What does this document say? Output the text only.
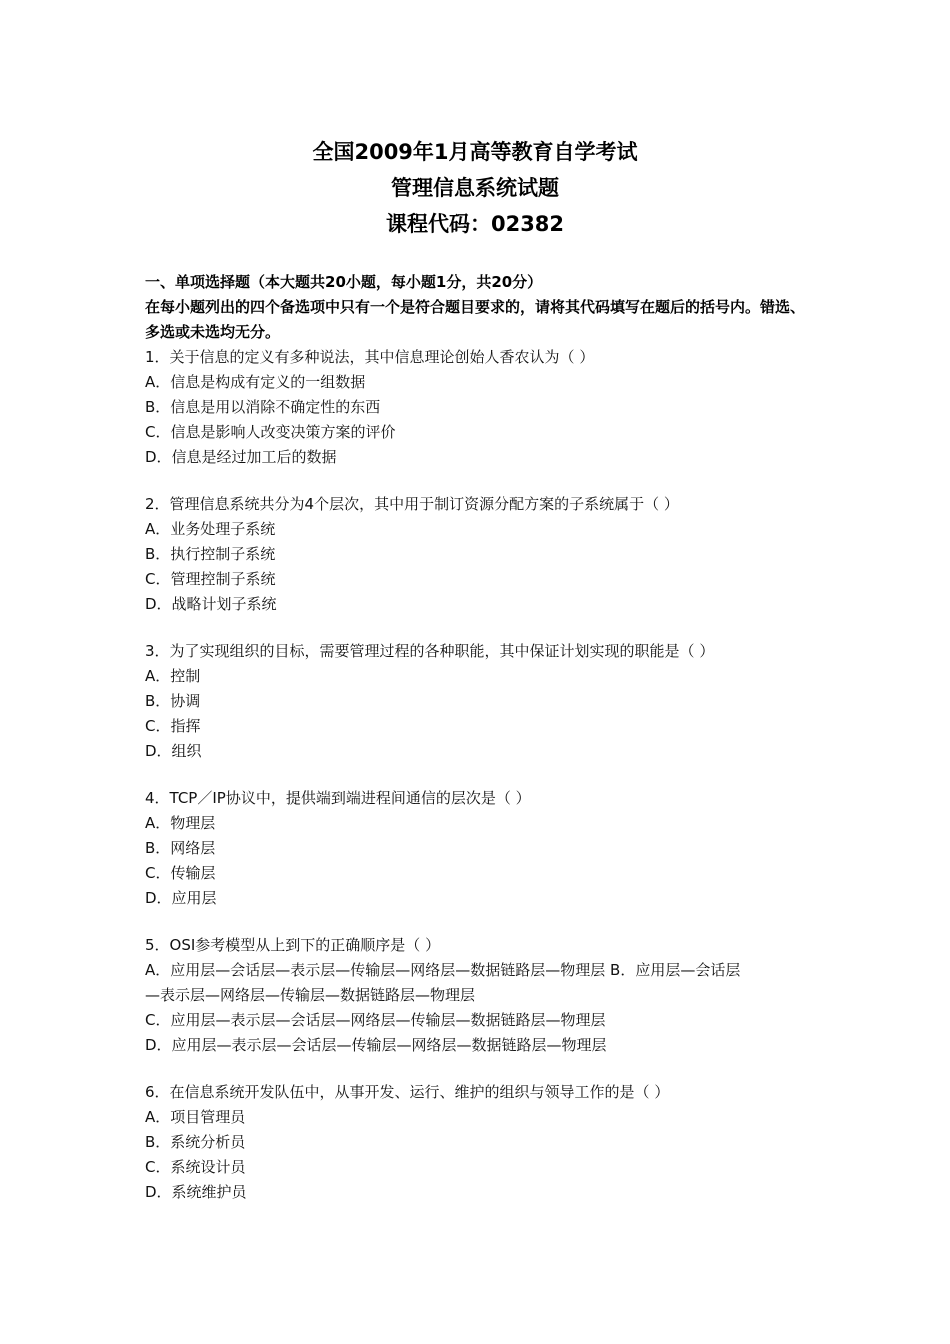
全国2009年1月高等教育自学考试
管理信息系统试题
课程代码：02382
一、单项选择题（本大题共20小题，每小题1分，共20分）
在每小题列出的四个备选项中只有一个是符合题目要求的，请将其代码填写在题后的括号内。错选、多选或未选均无分。
1．关于信息的定义有多种说法，其中信息理论创始人香农认为（ ）
A．信息是构成有定义的一组数据
B．信息是用以消除不确定性的东西
C．信息是影响人改变决策方案的评价
D．信息是经过加工后的数据
2．管理信息系统共分为4个层次，其中用于制订资源分配方案的子系统属于（ ）
A．业务处理子系统
B．执行控制子系统
C．管理控制子系统
D．战略计划子系统
3．为了实现组织的目标，需要管理过程的各种职能，其中保证计划实现的职能是（ ）
A．控制
B．协调
C．指挥
D．组织
4．TCP／IP协议中，提供端到端进程间通信的层次是（ ）
A．物理层
B．网络层
C．传输层
D．应用层
5．OSI参考模型从上到下的正确顺序是（ ）
A．应用层—会话层—表示层—传输层—网络层—数据链路层—物理层 B．应用层—会话层
—表示层—网络层—传输层—数据链路层—物理层
C．应用层—表示层—会话层—网络层—传输层—数据链路层—物理层
D．应用层—表示层—会话层—传输层—网络层—数据链路层—物理层
6．在信息系统开发队伍中，从事开发、运行、维护的组织与领导工作的是（ ）
A．项目管理员
B．系统分析员
C．系统设计员
D．系统维护员
